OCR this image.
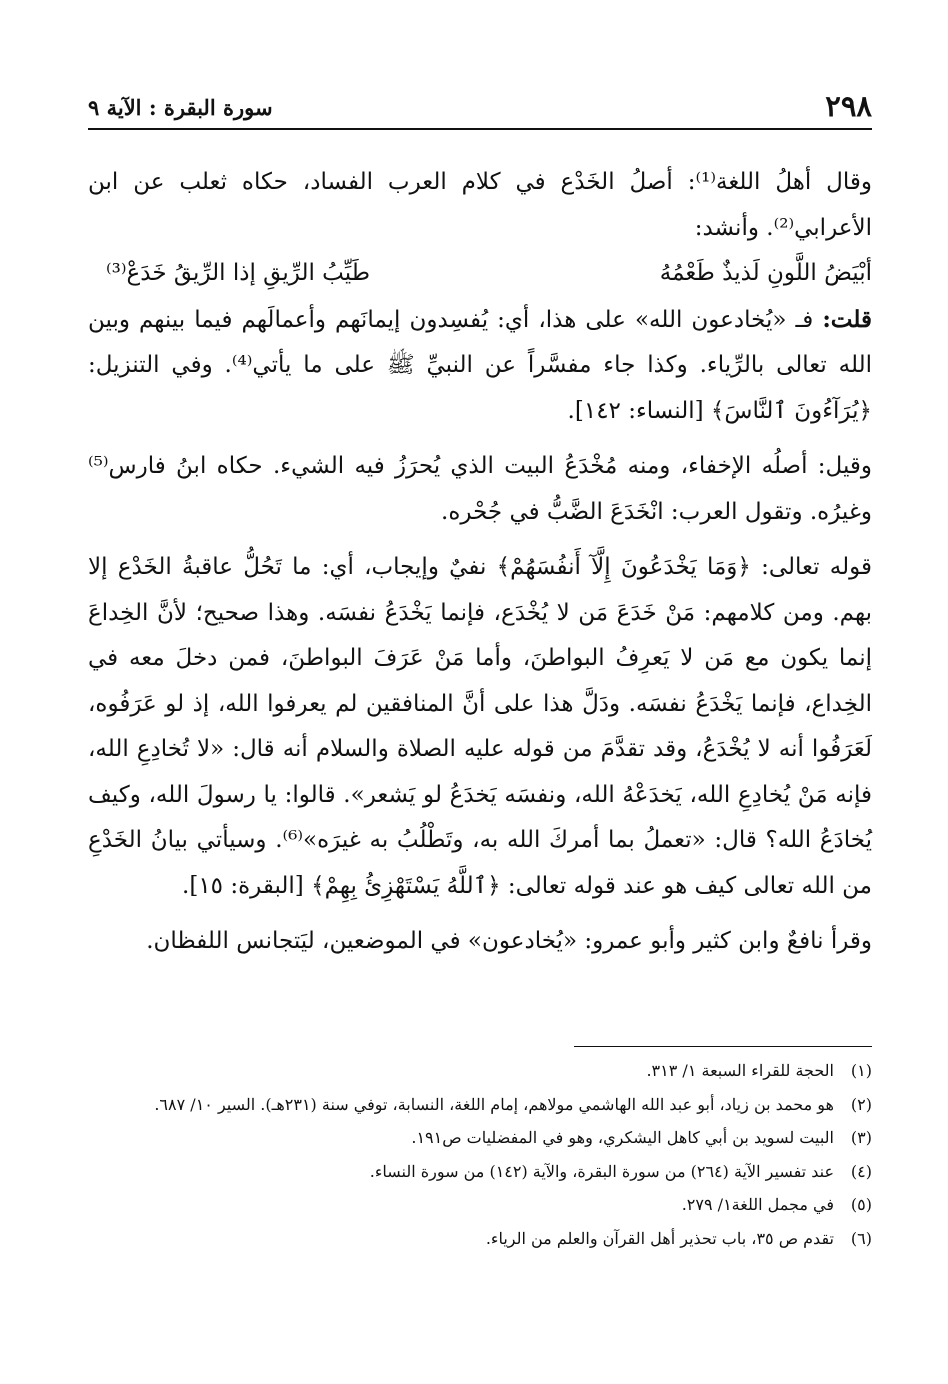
٢٩٨
سورة البقرة : الآية ٩

وقال أهلُ اللغة⁽¹⁾: أصلُ الخَدْع في كلام العرب الفساد، حكاه ثعلب عن ابن الأعرابي⁽²⁾. وأنشد:

أبْيَضُ اللَّونِ لَذيذٌ طَعْمُهُ
طَيِّبُ الرِّيقِ إذا الرِّيقُ خَدَعْ⁽³⁾

قلت: فـ «يُخادعون الله» على هذا، أي: يُفسِدون إيمانَهم وأعمالَهم فيما بينهم وبين الله تعالى بالرِّياء. وكذا جاء مفسَّراً عن النبيِّ ﷺ على ما يأتي⁽⁴⁾. وفي التنزيل: ﴿يُرَآءُونَ ٱلنَّاسَ﴾ [النساء: ١٤٢].

وقيل: أصلُه الإخفاء، ومنه مُخْدَعُ البيت الذي يُحرَزُ فيه الشيء. حكاه ابنُ فارس⁽⁵⁾ وغيرُه. وتقول العرب: انْخَدَعَ الضَّبُّ في جُحْره.

قوله تعالى: ﴿وَمَا يَخْدَعُونَ إِلَّآ أَنفُسَهُمْ﴾ نفيٌ وإيجاب، أي: ما تَحُلُّ عاقبةُ الخَدْع إلا بهم. ومن كلامهم: مَنْ خَدَعَ مَن لا يُخْدَع، فإنما يَخْدَعُ نفسَه. وهذا صحيح؛ لأنَّ الخِداعَ إنما يكون مع مَن لا يَعرِفُ البواطنَ، وأما مَنْ عَرَفَ البواطنَ، فمن دخلَ معه في الخِداع، فإنما يَخْدَعُ نفسَه. ودَلَّ هذا على أنَّ المنافقين لم يعرفوا الله، إذ لو عَرَفُوه، لَعَرَفُوا أنه لا يُخْدَعُ، وقد تقدَّمَ من قوله عليه الصلاة والسلام أنه قال: «لا تُخادِعِ الله، فإنه مَنْ يُخادِعِ الله، يَخدَعْهُ الله، ونفسَه يَخدَعُ لو يَشعر». قالوا: يا رسولَ الله، وكيف يُخادَعُ الله؟ قال: «تعملُ بما أمركَ الله به، وتَطْلُبُ به غيرَه»⁽⁶⁾. وسيأتي بيانُ الخَدْعِ من الله تعالى كيف هو عند قوله تعالى: ﴿ٱللَّهُ يَسْتَهْزِئُ بِهِمْ﴾ [البقرة: ١٥].

وقرأ نافعٌ وابن كثير وأبو عمرو: «يُخادعون» في الموضعين، ليَتجانس اللفظان.

(١)
الحجة للقراء السبعة ١/ ٣١٣.
(٢)
هو محمد بن زياد، أبو عبد الله الهاشمي مولاهم، إمام اللغة، النسابة، توفي سنة (٢٣١هـ). السير ١٠/ ٦٨٧.
(٣)
البيت لسويد بن أبي كاهل اليشكري، وهو في المفضليات ص١٩١.
(٤)
عند تفسير الآية (٢٦٤) من سورة البقرة، والآية (١٤٢) من سورة النساء.
(٥)
في مجمل اللغة١/ ٢٧٩.
(٦)
تقدم ص ٣٥، باب تحذير أهل القرآن والعلم من الرياء.
